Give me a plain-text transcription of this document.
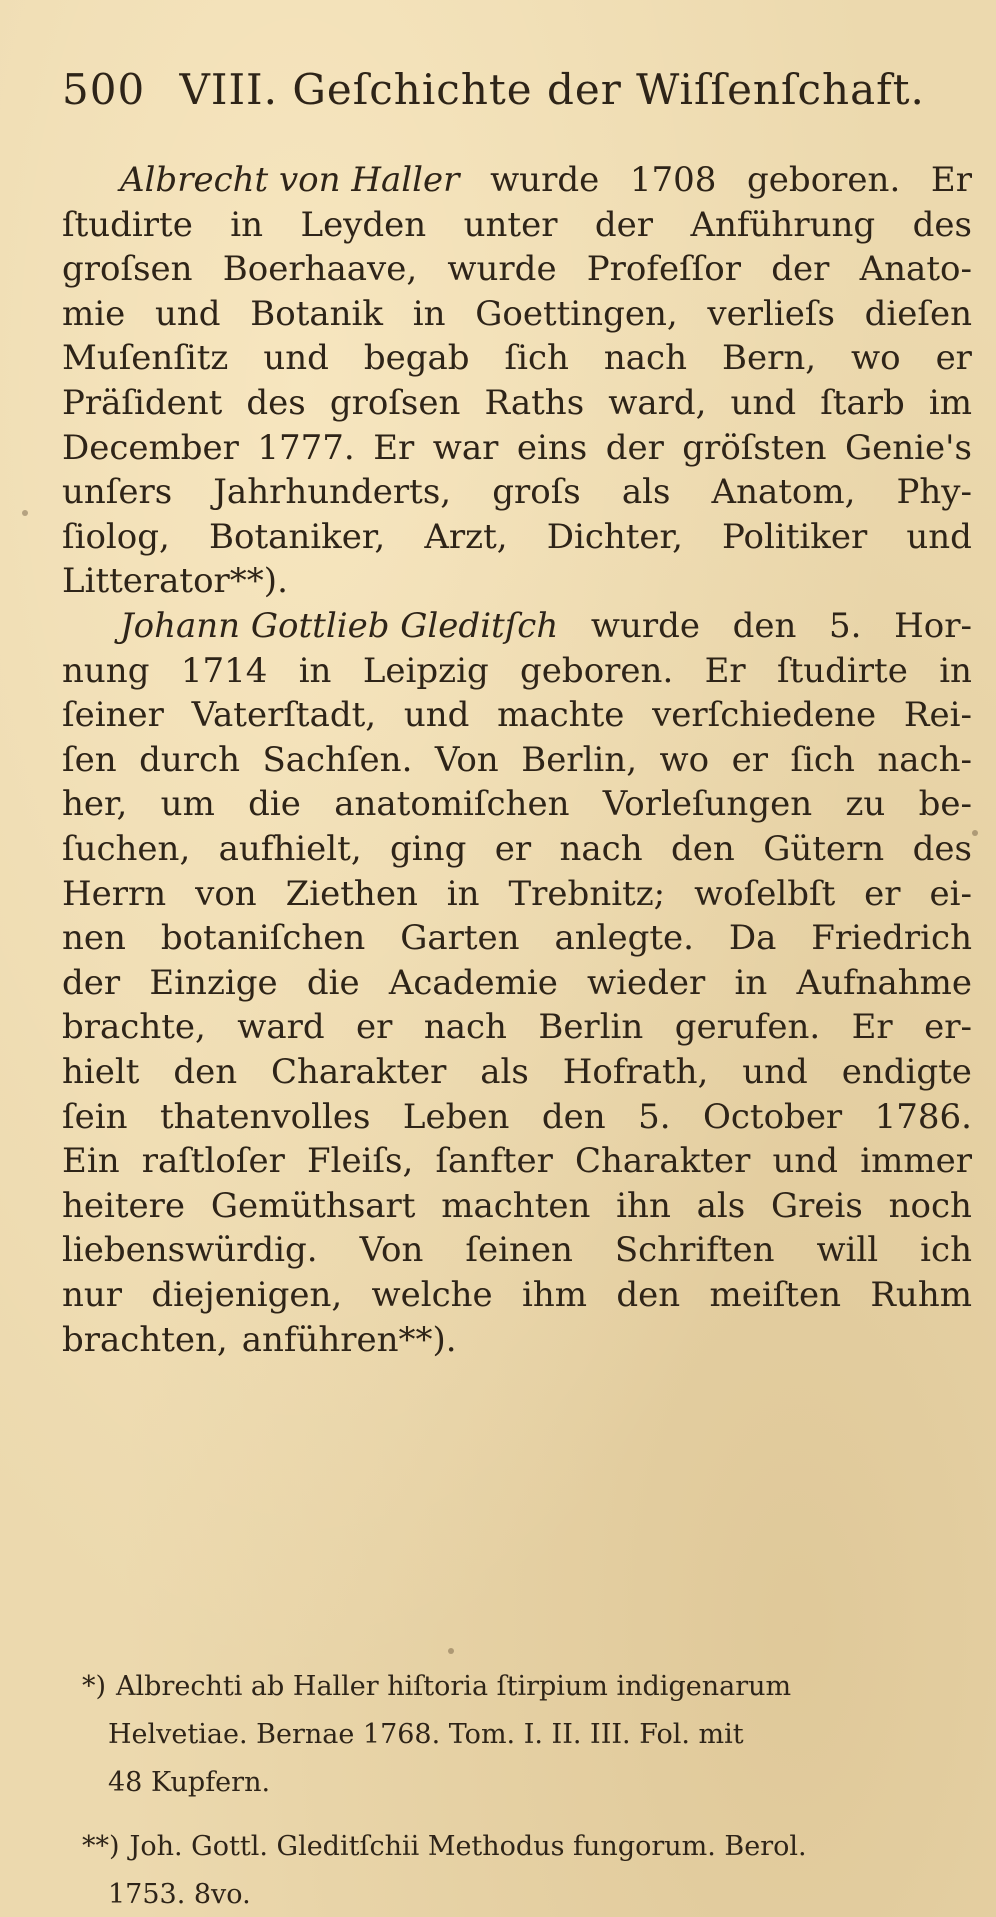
500 VIII. Geſchichte der Wiſſenſchaft.
Albrecht von Haller wurde 1708 geboren. Er
ſtudirte in Leyden unter der Anführung des
groſsen Boerhaave, wurde Profeſſor der Anato-
mie und Botanik in Goettingen, verlieſs dieſen
Muſenſitz und begab ſich nach Bern, wo er
Präſident des groſsen Raths ward, und ſtarb im
December 1777. Er war eins der gröſsten Genie's
unſers Jahrhunderts, groſs als Anatom, Phy-
ſiolog, Botaniker, Arzt, Dichter, Politiker und
Litterator**).
Johann Gottlieb Gleditſch wurde den 5. Hor-
nung 1714 in Leipzig geboren. Er ſtudirte in
ſeiner Vaterſtadt, und machte verſchiedene Rei-
ſen durch Sachſen. Von Berlin, wo er ſich nach-
her, um die anatomiſchen Vorleſungen zu be-
ſuchen, aufhielt, ging er nach den Gütern des
Herrn von Ziethen in Trebnitz; woſelbſt er ei-
nen botaniſchen Garten anlegte. Da Friedrich
der Einzige die Academie wieder in Aufnahme
brachte, ward er nach Berlin gerufen. Er er-
hielt den Charakter als Hofrath, und endigte
ſein thatenvolles Leben den 5. October 1786.
Ein raſtloſer Fleiſs, ſanfter Charakter und immer
heitere Gemüthsart machten ihn als Greis noch
liebenswürdig. Von ſeinen Schriften will ich
nur diejenigen, welche ihm den meiſten Ruhm
brachten, anführen**).
*) Albrechti ab Haller hiſtoria ſtirpium indigenarum
Helvetiae. Bernae 1768. Tom. I. II. III. Fol. mit
48 Kupfern.
**) Joh. Gottl. Gleditſchii Methodus fungorum. Berol.
1753. 8vo.
